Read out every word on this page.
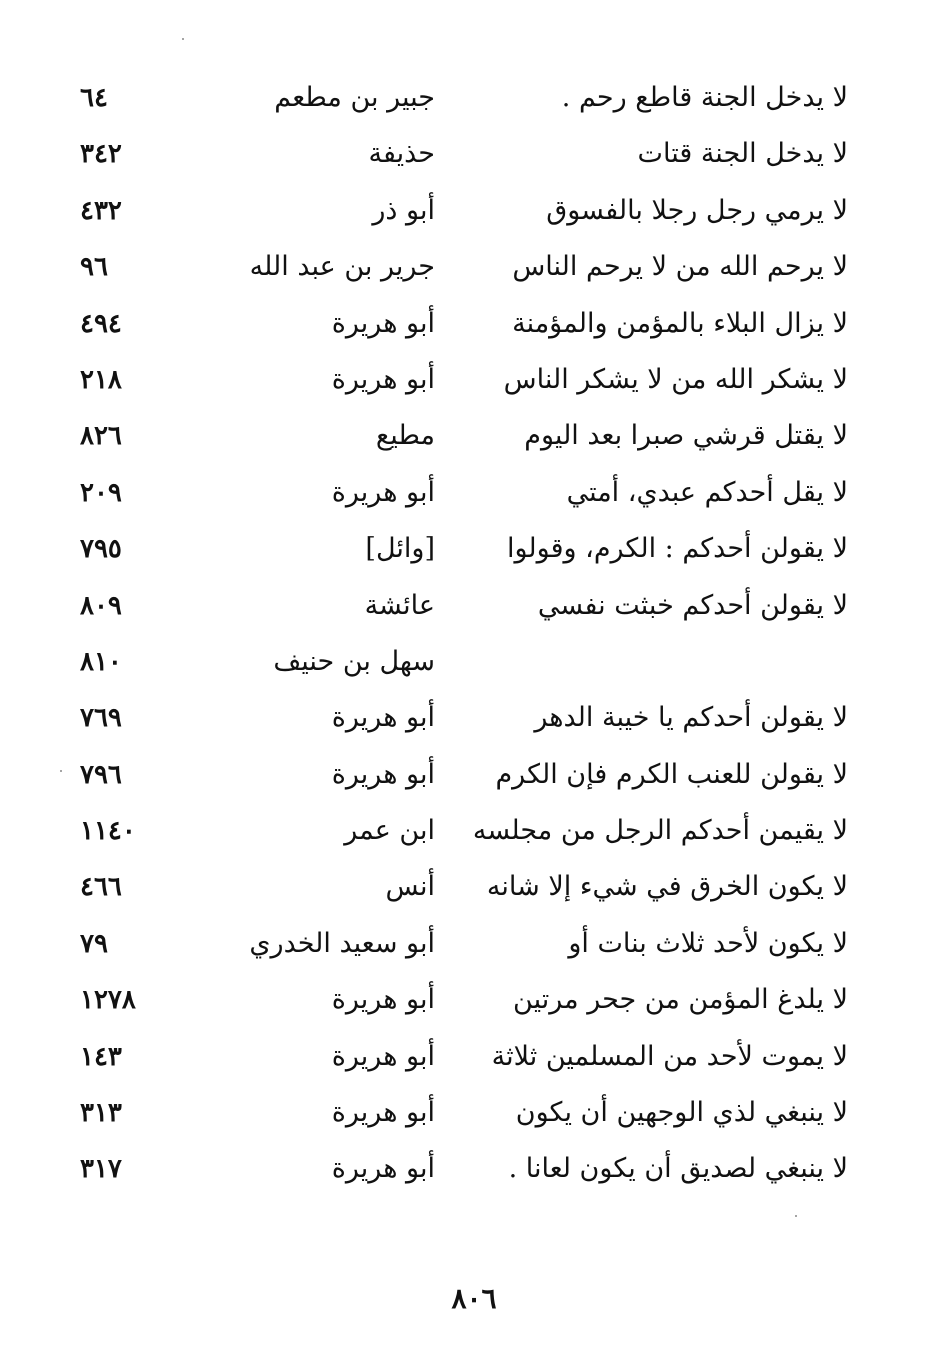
لا يدخل الجنة قاطع رحم .
جبير بن مطعم
٦٤
لا يدخل الجنة قتات
حذيفة
٣٤٢
لا يرمي رجل رجلا بالفسوق
أبو ذر
٤٣٢
لا يرحم الله من لا يرحم الناس
جرير بن عبد الله
٩٦
لا يزال البلاء بالمؤمن والمؤمنة
أبو هريرة
٤٩٤
لا يشكر الله من لا يشكر الناس
أبو هريرة
٢١٨
لا يقتل قرشي صبرا بعد اليوم
مطيع
٨٢٦
لا يقل أحدكم عبدي، أمتي
أبو هريرة
٢٠٩
لا يقولن أحدكم : الكرم، وقولوا
[وائل]
٧٩٥
لا يقولن أحدكم خبثت نفسي
عائشة
٨٠٩
سهل بن حنيف
٨١٠
لا يقولن أحدكم يا خيبة الدهر
أبو هريرة
٧٦٩
لا يقولن للعنب الكرم فإن الكرم
أبو هريرة
٧٩٦
لا يقيمن أحدكم الرجل من مجلسه
ابن عمر
١١٤٠
لا يكون الخرق في شيء إلا شانه
أنس
٤٦٦
لا يكون لأحد ثلاث بنات أو
أبو سعيد الخدري
٧٩
لا يلدغ المؤمن من جحر مرتين
أبو هريرة
١٢٧٨
لا يموت لأحد من المسلمين ثلاثة
أبو هريرة
١٤٣
لا ينبغي لذي الوجهين أن يكون
أبو هريرة
٣١٣
لا ينبغي لصديق أن يكون لعانا .
أبو هريرة
٣١٧
٨٠٦
